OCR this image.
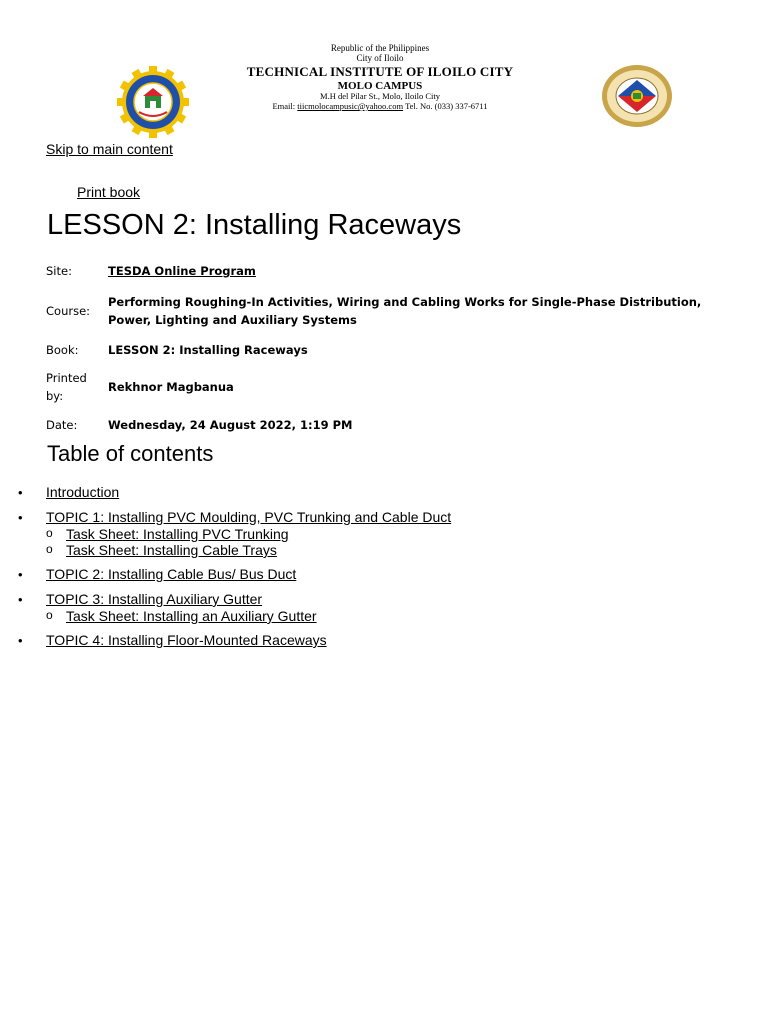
Republic of the Philippines
City of Iloilo
TECHNICAL INSTITUTE OF ILOILO CITY
MOLO CAMPUS
M.H del Pilar St., Molo, Iloilo City
Email: tiicmolocampusic@yahoo.com Tel. No. (033) 337-6711
Skip to main content
Print book
LESSON 2: Installing Raceways
Site:	TESDA Online Program
Course:	Performing Roughing-In Activities, Wiring and Cabling Works for Single-Phase Distribution, Power, Lighting and Auxiliary Systems
Book:	LESSON 2: Installing Raceways
Printed
by:	Rekhnor Magbanua
Date:	Wednesday, 24 August 2022, 1:19 PM
Table of contents
• Introduction
• TOPIC 1: Installing PVC Moulding, PVC Trunking and Cable Duct
o Task Sheet: Installing PVC Trunking
o Task Sheet: Installing Cable Trays
• TOPIC 2: Installing Cable Bus/ Bus Duct
• TOPIC 3: Installing Auxiliary Gutter
o Task Sheet: Installing an Auxiliary Gutter
• TOPIC 4: Installing Floor-Mounted Raceways
